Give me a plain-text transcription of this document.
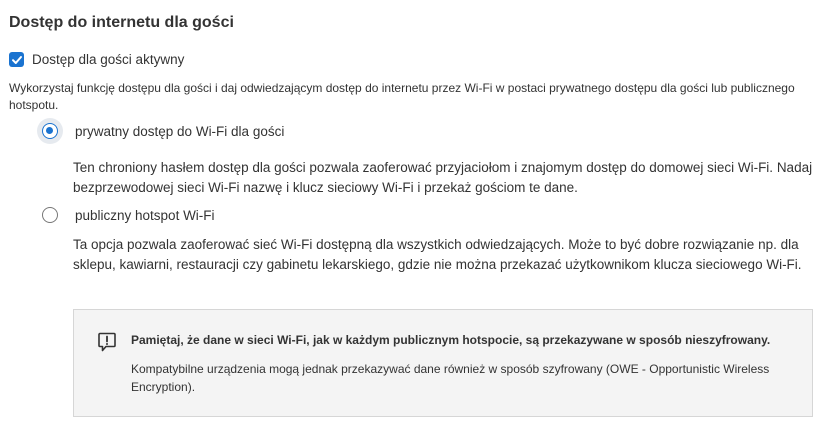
Dostęp do internetu dla gości
Dostęp dla gości aktywny
Wykorzystaj funkcję dostępu dla gości i daj odwiedzającym dostęp do internetu przez Wi-Fi w postaci prywatnego dostępu dla gości lub publicznego hotspotu.
prywatny dostęp do Wi-Fi dla gości
Ten chroniony hasłem dostęp dla gości pozwala zaoferować przyjaciołom i znajomym dostęp do domowej sieci Wi-Fi. Nadaj bezprzewodowej sieci Wi-Fi nazwę i klucz sieciowy Wi-Fi i przekaż gościom te dane.
publiczny hotspot Wi-Fi
Ta opcja pozwala zaoferować sieć Wi-Fi dostępną dla wszystkich odwiedzających. Może to być dobre rozwiązanie np. dla sklepu, kawiarni, restauracji czy gabinetu lekarskiego, gdzie nie można przekazać użytkownikom klucza sieciowego Wi-Fi.
Pamiętaj, że dane w sieci Wi-Fi, jak w każdym publicznym hotspocie, są przekazywane w sposób nieszyfrowany.
Kompatybilne urządzenia mogą jednak przekazywać dane również w sposób szyfrowany (OWE - Opportunistic Wireless Encryption).
